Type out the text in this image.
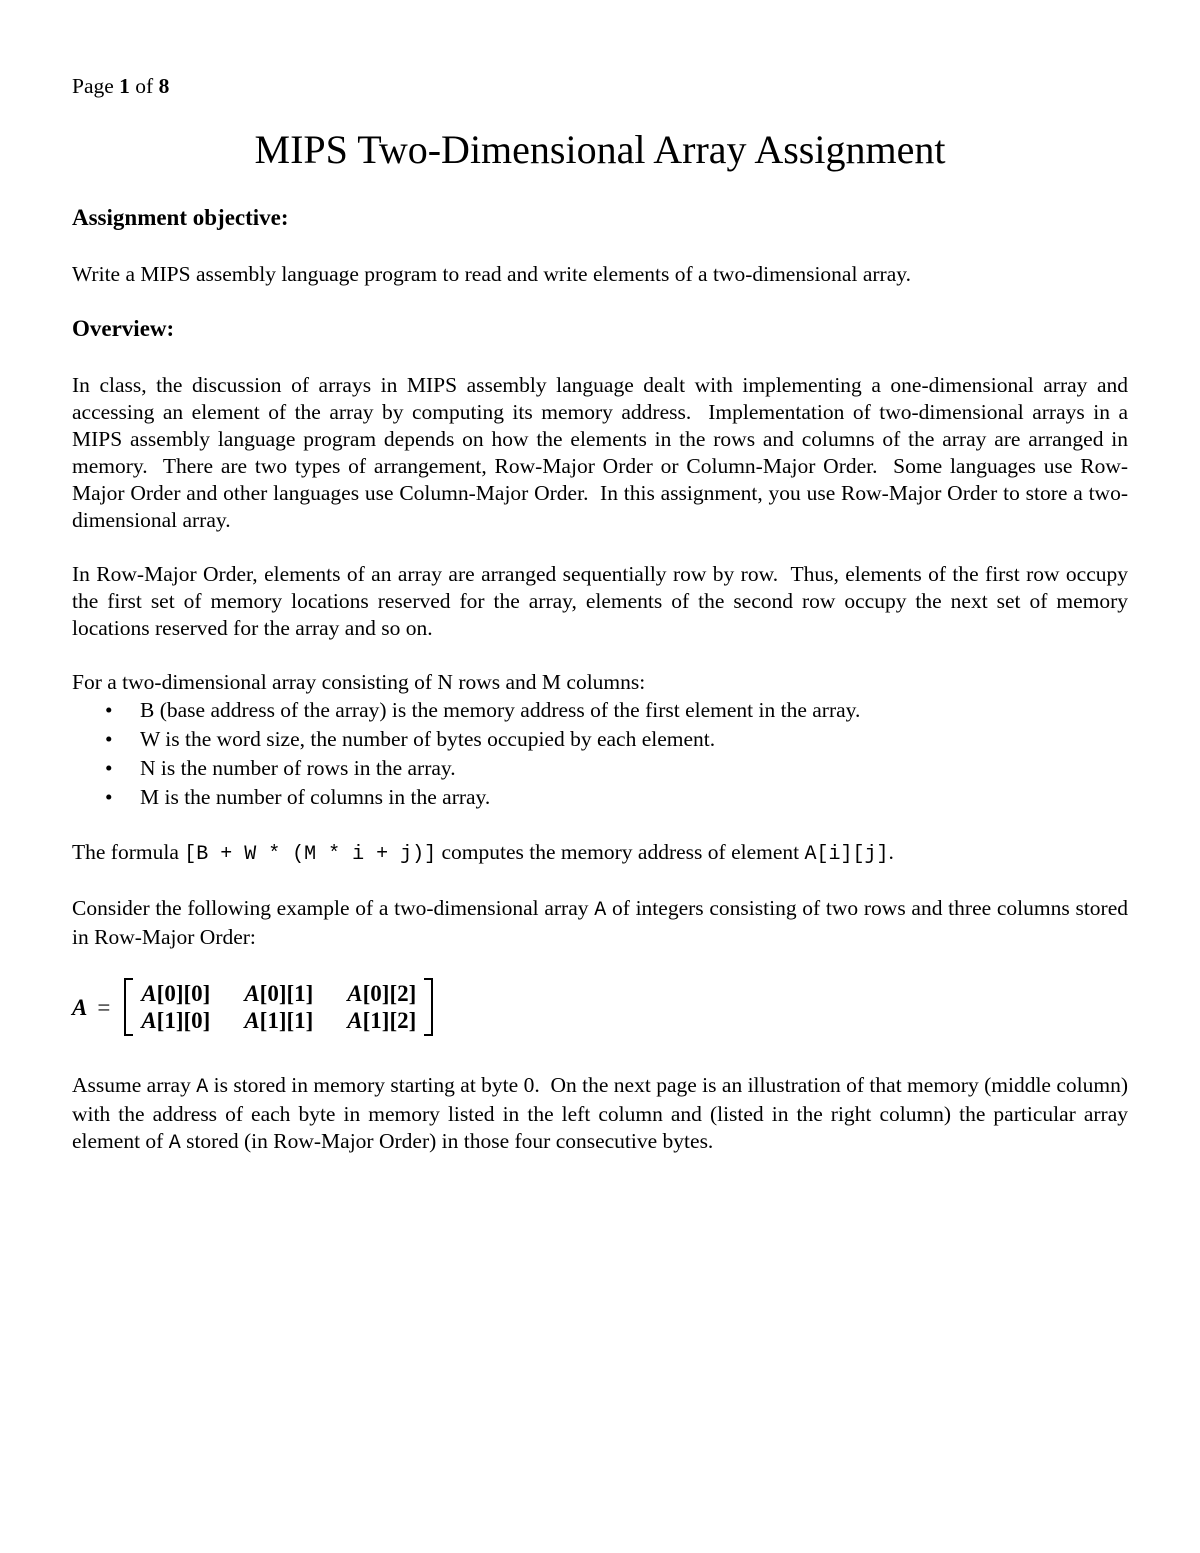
Page 1 of 8
MIPS Two-Dimensional Array Assignment
Assignment objective:

Write a MIPS assembly language program to read and write elements of a two-dimensional array.

Overview:

In class, the discussion of arrays in MIPS assembly language dealt with implementing a one-dimensional array and accessing an element of the array by computing its memory address.  Implementation of two-dimensional arrays in a MIPS assembly language program depends on how the elements in the rows and columns of the array are arranged in memory.  There are two types of arrangement, Row-Major Order or Column-Major Order.  Some languages use Row-Major Order and other languages use Column-Major Order.  In this assignment, you use Row-Major Order to store a two-dimensional array.

In Row-Major Order, elements of an array are arranged sequentially row by row.  Thus, elements of the first row occupy the first set of memory locations reserved for the array, elements of the second row occupy the next set of memory locations reserved for the array and so on.

For a two-dimensional array consisting of N rows and M columns:

• B (base address of the array) is the memory address of the first element in the array.
• W is the word size, the number of bytes occupied by each element.
• N is the number of rows in the array.
• M is the number of columns in the array.

The formula [B + W * (M * i + j)] computes the memory address of element A[i][j].

Consider the following example of a two-dimensional array A of integers consisting of two rows and three columns stored in Row-Major Order:

A =
A[0][0] A[0][1] A[0][2]
A[1][0] A[1][1] A[1][2]

Assume array A is stored in memory starting at byte 0.  On the next page is an illustration of that memory (middle column) with the address of each byte in memory listed in the left column and (listed in the right column) the particular array element of A stored (in Row-Major Order) in those four consecutive bytes.
